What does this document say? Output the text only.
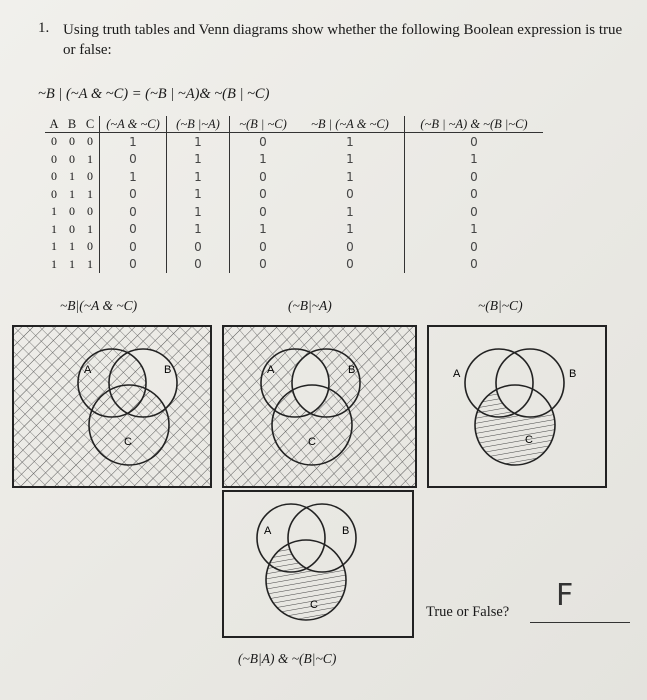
1. Using truth tables and Venn diagrams show whether the following Boolean expression is true or false:
~B | (~A & ~C) = (~B | ~A)& ~(B | ~C)
A	B	C	(~A & ~C)	(~B |~A)	~(B | ~C)	~B | (~A & ~C)	(~B | ~A) & ~(B |~C)
0	0	0	1	1	0	1	0
0	0	1	0	1	1	1	1
0	1	0	1	1	0	1	0
0	1	1	0	1	0	0	0
1	0	0	0	1	0	1	0
1	0	1	0	1	1	1	1
1	1	0	0	0	0	0	0
1	1	1	0	0	0	0	0
~B|(~A & ~C)	(~B|~A)	~(B|~C)
A	B
C
A	B
C
A	B
C
A	B
C
(~B|A) & ~(B|~C)
True or False? F
